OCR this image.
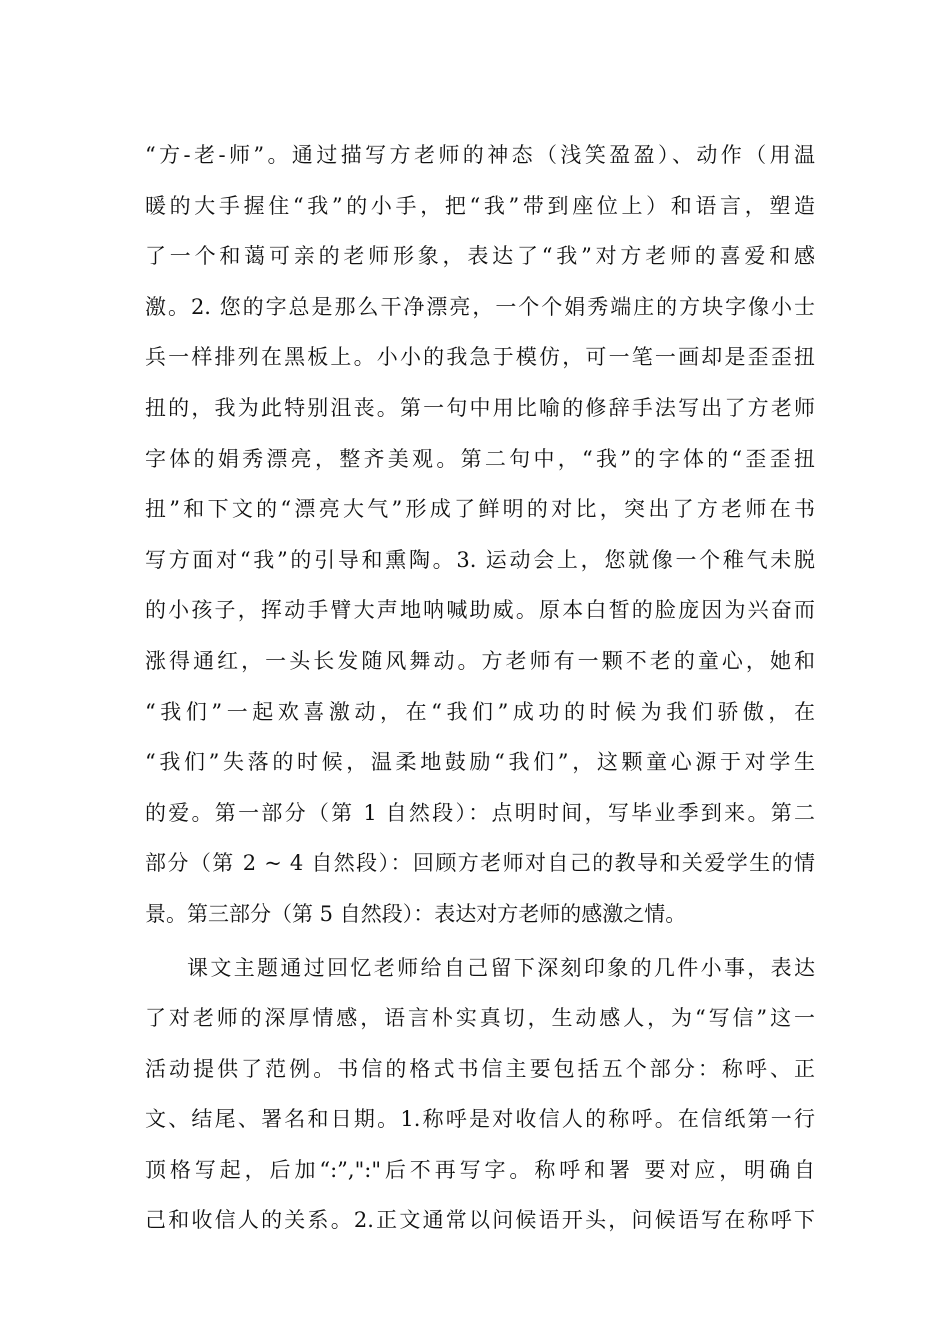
“方-老-师”。通过描写方老师的神态（浅笑盈盈）、动作（用温
暖的大手握住“我”的小手，把“我”带到座位上）和语言，塑造
了一个和蔼可亲的老师形象，表达了“我”对方老师的喜爱和感
激。2. 您的字总是那么干净漂亮，一个个娟秀端庄的方块字像小士
兵一样排列在黑板上。小小的我急于模仿，可一笔一画却是歪歪扭
扭的，我为此特别沮丧。第一句中用比喻的修辞手法写出了方老师
字体的娟秀漂亮，整齐美观。第二句中，“我”的字体的“歪歪扭
扭”和下文的“漂亮大气”形成了鲜明的对比，突出了方老师在书
写方面对“我”的引导和熏陶。3. 运动会上，您就像一个稚气未脱
的小孩子，挥动手臂大声地呐喊助威。原本白皙的脸庞因为兴奋而
涨得通红，一头长发随风舞动。方老师有一颗不老的童心，她和
“我们”一起欢喜激动，在“我们”成功的时候为我们骄傲，在
“我们”失落的时候，温柔地鼓励“我们”，这颗童心源于对学生
的爱。第一部分（第 1 自然段）：点明时间，写毕业季到来。第二
部分（第 2 ~ 4 自然段）：回顾方老师对自己的教导和关爱学生的情
景。第三部分（第 5 自然段）：表达对方老师的感激之情。
课文主题通过回忆老师给自己留下深刻印象的几件小事，表达
了对老师的深厚情感，语言朴实真切，生动感人，为“写信”这一
活动提供了范例。书信的格式书信主要包括五个部分：称呼、正
文、结尾、署名和日期。1.称呼是对收信人的称呼。在信纸第一行
顶格写起，后加“:”,":"后不再写字。称呼和署 要对应，明确自
己和收信人的关系。2.正文通常以问候语开头，问候语写在称呼下
